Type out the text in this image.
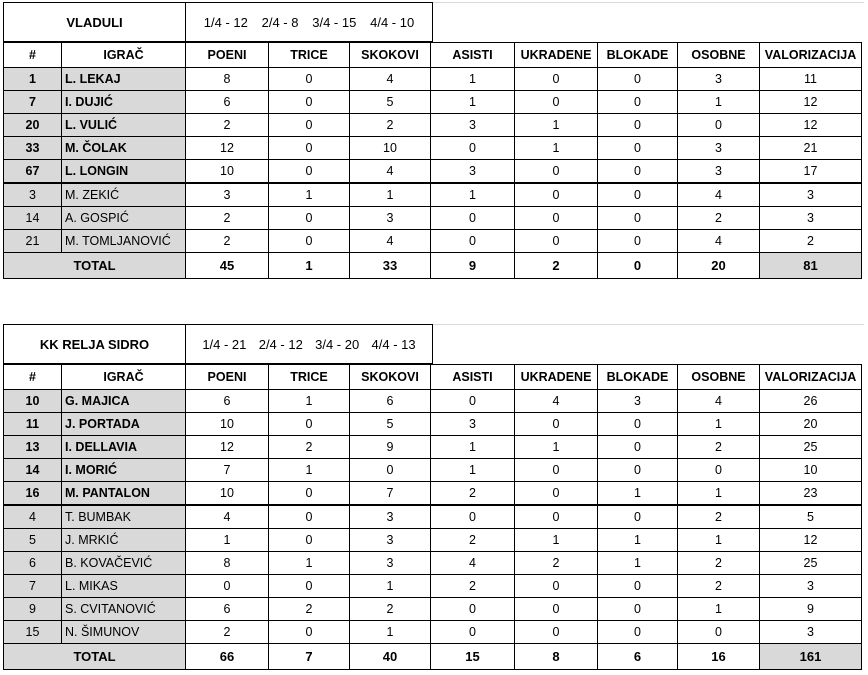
VLADULI	1/4 - 12 2/4 - 8 3/4 - 15 4/4 - 10
#	IGRAČ	POENI	TRICE	SKOKOVI	ASISTI	UKRADENE	BLOKADE	OSOBNE	VALORIZACIJA
1	L. LEKAJ	8	0	4	1	0	0	3	11
7	I. DUJIĆ	6	0	5	1	0	0	1	12
20	L. VULIĆ	2	0	2	3	1	0	0	12
33	M. ČOLAK	12	0	10	0	1	0	3	21
67	L. LONGIN	10	0	4	3	0	0	3	17
3	M. ZEKIĆ	3	1	1	1	0	0	4	3
14	A. GOSPIĆ	2	0	3	0	0	0	2	3
21	M. TOMLJANOVIĆ	2	0	4	0	0	0	4	2
TOTAL		45	1	33	9	2	0	20	81
KK RELJA SIDRO	1/4 - 21 2/4 - 12 3/4 - 20 4/4 - 13
#	IGRAČ	POENI	TRICE	SKOKOVI	ASISTI	UKRADENE	BLOKADE	OSOBNE	VALORIZACIJA
10	G. MAJICA	6	1	6	0	4	3	4	26
11	J. PORTADA	10	0	5	3	0	0	1	20
13	I. DELLAVIA	12	2	9	1	1	0	2	25
14	I. MORIĆ	7	1	0	1	0	0	0	10
16	M. PANTALON	10	0	7	2	0	1	1	23
4	T. BUMBAK	4	0	3	0	0	0	2	5
5	J. MRKIĆ	1	0	3	2	1	1	1	12
6	B. KOVAČEVIĆ	8	1	3	4	2	1	2	25
7	L. MIKAS	0	0	1	2	0	0	2	3
9	S. CVITANOVIĆ	6	2	2	0	0	0	1	9
15	N. ŠIMUNOV	2	0	1	0	0	0	0	3
TOTAL		66	7	40	15	8	6	16	161
